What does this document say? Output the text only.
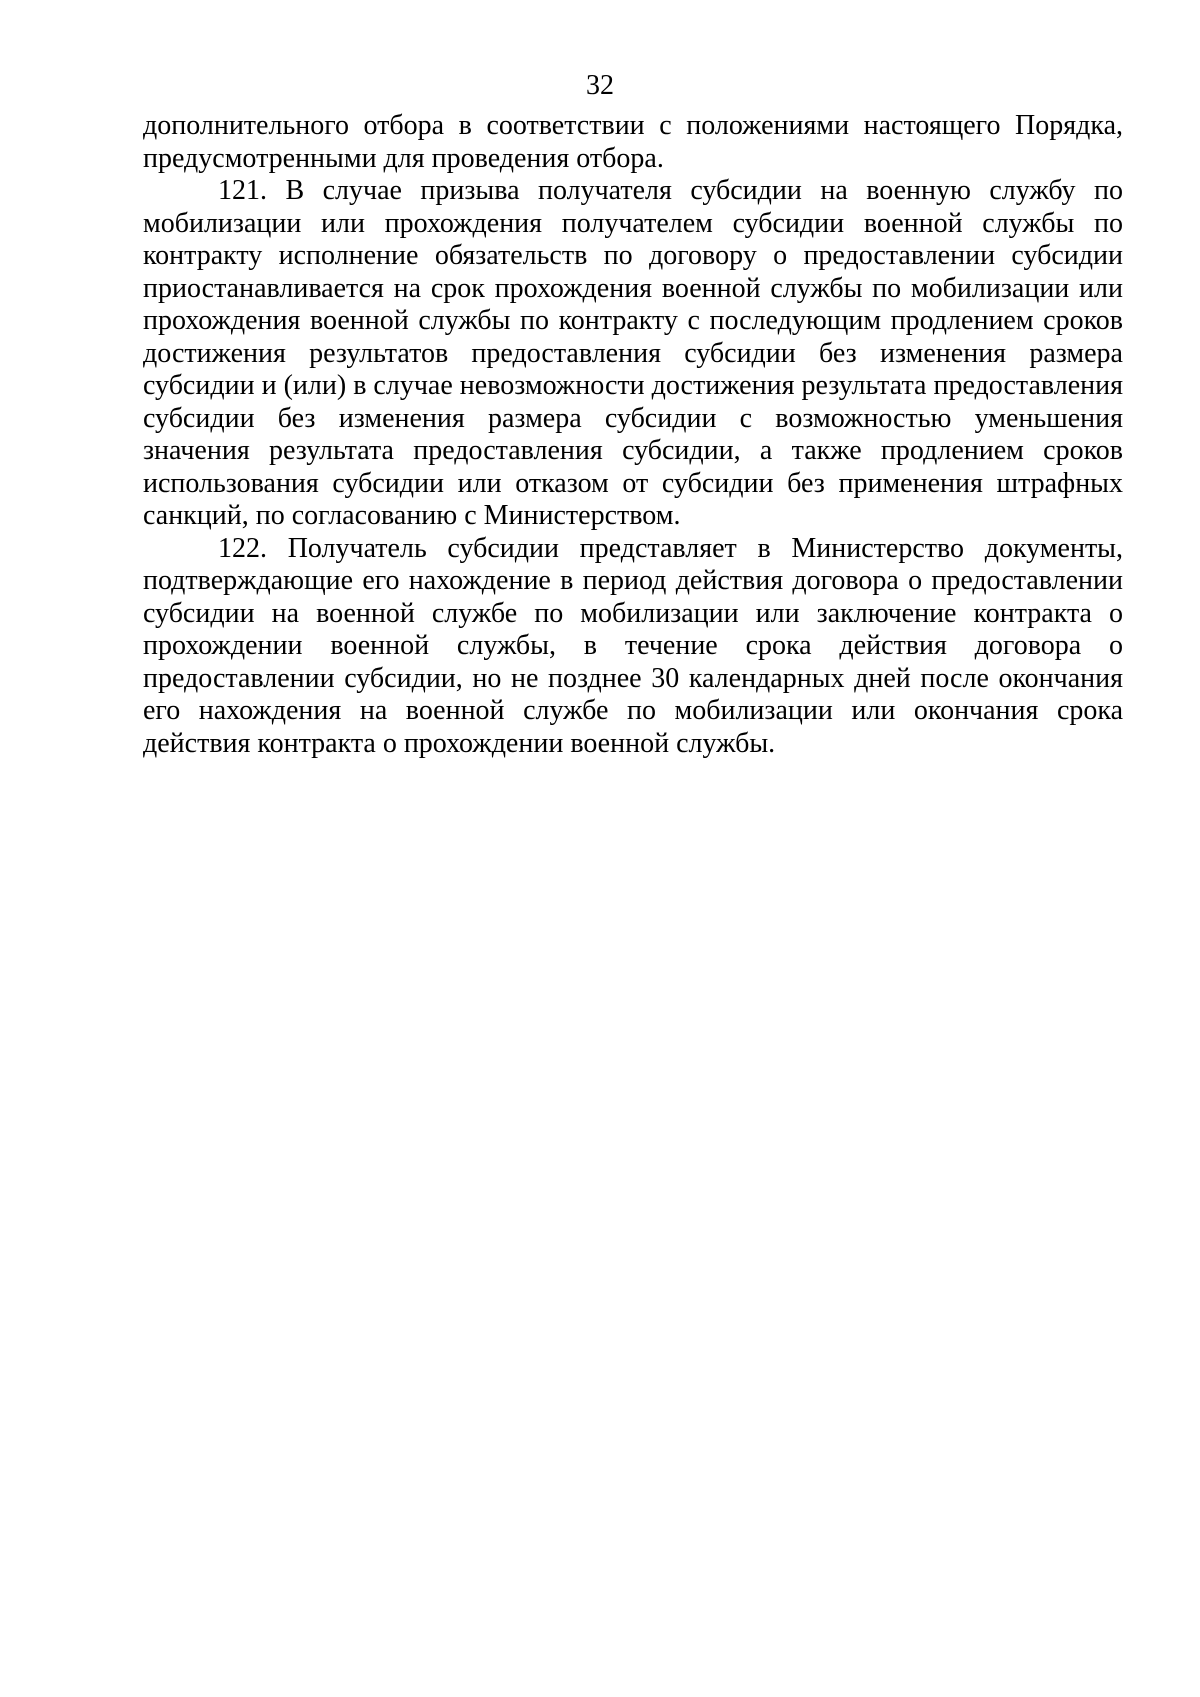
32

дополнительного отбора в соответствии с положениями настоящего Порядка, предусмотренными для проведения отбора.

121. В случае призыва получателя субсидии на военную службу по мобилизации или прохождения получателем субсидии военной службы по контракту исполнение обязательств по договору о предоставлении субсидии приостанавливается на срок прохождения военной службы по мобилизации или прохождения военной службы по контракту с последующим продлением сроков достижения результатов предоставления субсидии без изменения размера субсидии и (или) в случае невозможности достижения результата предоставления субсидии без изменения размера субсидии с возможностью уменьшения значения результата предоставления субсидии, а также продлением сроков использования субсидии или отказом от субсидии без применения штрафных санкций, по согласованию с Министерством.

122. Получатель субсидии представляет в Министерство документы, подтверждающие его нахождение в период действия договора о предоставлении субсидии на военной службе по мобилизации или заключение контракта о прохождении военной службы, в течение срока действия договора о предоставлении субсидии, но не позднее 30 календарных дней после окончания его нахождения на военной службе по мобилизации или окончания срока действия контракта о прохождении военной службы.
